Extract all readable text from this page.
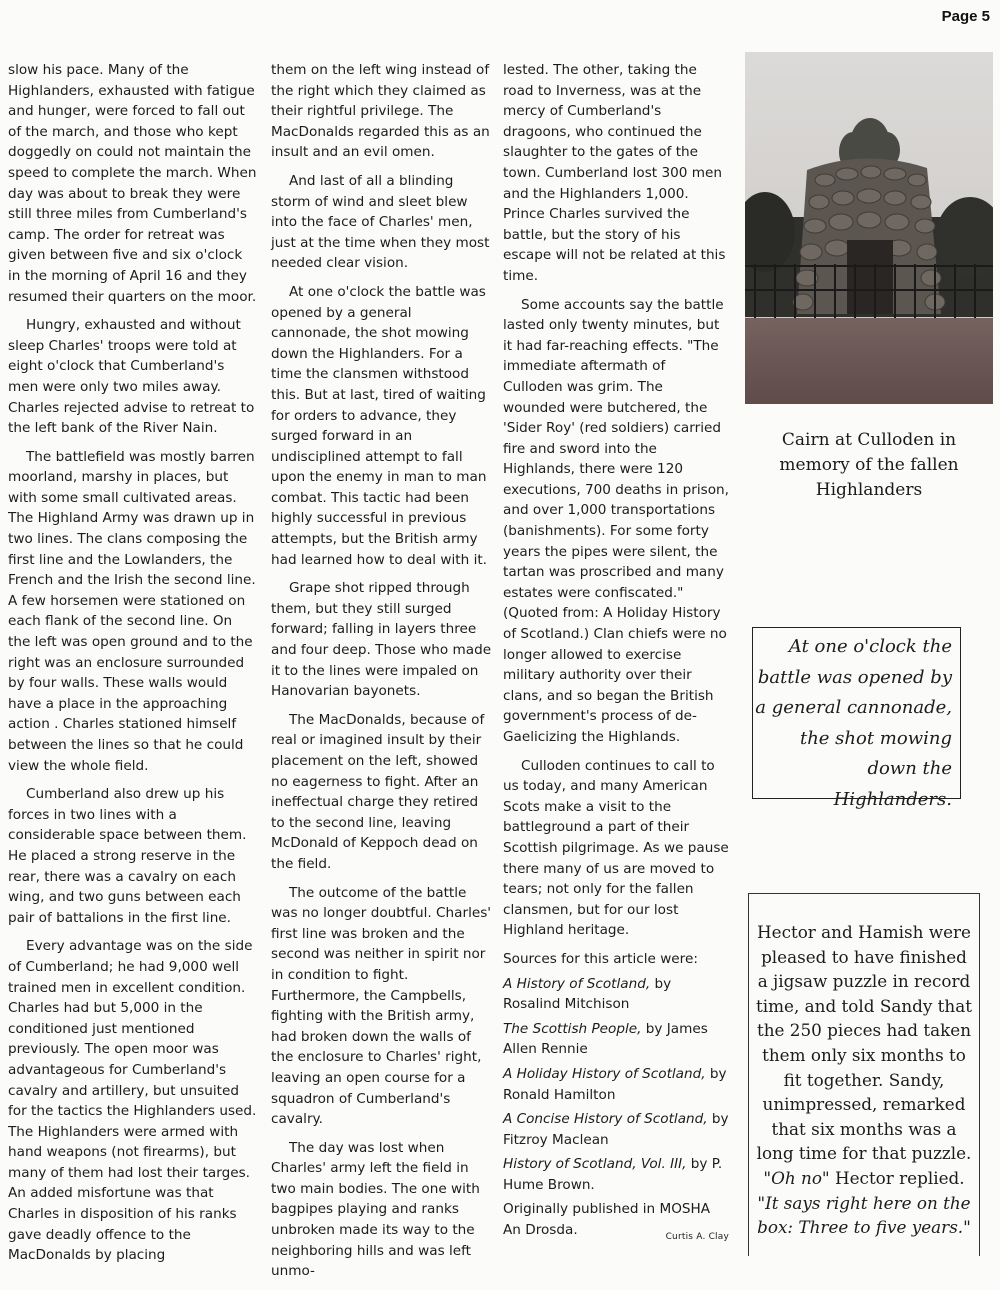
Page 5

slow his pace. Many of the Highlanders, exhausted with fatigue and hunger, were forced to fall out of the march, and those who kept doggedly on could not maintain the speed to complete the march. When day was about to break they were still three miles from Cumberland's camp. The order for retreat was given between five and six o'clock in the morning of April 16 and they resumed their quarters on the moor.

Hungry, exhausted and without sleep Charles' troops were told at eight o'clock that Cumberland's men were only two miles away. Charles rejected advise to retreat to the left bank of the River Nain.

The battlefield was mostly barren moorland, marshy in places, but with some small cultivated areas. The Highland Army was drawn up in two lines. The clans composing the first line and the Lowlanders, the French and the Irish the second line. A few horsemen were stationed on each flank of the second line. On the left was open ground and to the right was an enclosure surrounded by four walls. These walls would have a place in the approaching action . Charles stationed himself between the lines so that he could view the whole field.

Cumberland also drew up his forces in two lines with a considerable space between them. He placed a strong reserve in the rear, there was a cavalry on each wing, and two guns between each pair of battalions in the first line.

Every advantage was on the side of Cumberland; he had 9,000 well trained men in excellent condition. Charles had but 5,000 in the conditioned just mentioned previously. The open moor was advantageous for Cumberland's cavalry and artillery, but unsuited for the tactics the Highlanders used. The Highlanders were armed with hand weapons (not firearms), but many of them had lost their targes. An added misfortune was that Charles in disposition of his ranks gave deadly offence to the MacDonalds by placing

them on the left wing instead of the right which they claimed as their rightful privilege. The MacDonalds regarded this as an insult and an evil omen.

And last of all a blinding storm of wind and sleet blew into the face of Charles' men, just at the time when they most needed clear vision.

At one o'clock the battle was opened by a general cannonade, the shot mowing down the Highlanders. For a time the clansmen withstood this. But at last, tired of waiting for orders to advance, they surged forward in an undisciplined attempt to fall upon the enemy in man to man combat. This tactic had been highly successful in previous attempts, but the British army had learned how to deal with it.

Grape shot ripped through them, but they still surged forward; falling in layers three and four deep. Those who made it to the lines were impaled on Hanovarian bayonets.

The MacDonalds, because of real or imagined insult by their placement on the left, showed no eagerness to fight. After an ineffectual charge they retired to the second line, leaving McDonald of Keppoch dead on the field.

The outcome of the battle was no longer doubtful. Charles' first line was broken and the second was neither in spirit nor in condition to fight. Furthermore, the Campbells, fighting with the British army, had broken down the walls of the enclosure to Charles' right, leaving an open course for a squadron of Cumberland's cavalry.

The day was lost when Charles' army left the field in two main bodies. The one with bagpipes playing and ranks unbroken made its way to the neighboring hills and was left unmo-

lested. The other, taking the road to Inverness, was at the mercy of Cumberland's dragoons, who continued the slaughter to the gates of the town. Cumberland lost 300 men and the Highlanders 1,000. Prince Charles survived the battle, but the story of his escape will not be related at this time.

Some accounts say the battle lasted only twenty minutes, but it had far-reaching effects. "The immediate aftermath of Culloden was grim. The wounded were butchered, the 'Sider Roy' (red soldiers) carried fire and sword into the Highlands, there were 120 executions, 700 deaths in prison, and over 1,000 transportations (banishments). For some forty years the pipes were silent, the tartan was proscribed and many estates were confiscated." (Quoted from: A Holiday History of Scotland.) Clan chiefs were no longer allowed to exercise military authority over their clans, and so began the British government's process of de-Gaelicizing the Highlands.

Culloden continues to call to us today, and many American Scots make a visit to the battleground a part of their Scottish pilgrimage. As we pause there many of us are moved to tears; not only for the fallen clansmen, but for our lost Highland heritage.

Sources for this article were:

A History of Scotland, by Rosalind Mitchison

The Scottish People, by James Allen Rennie

A Holiday History of Scotland, by Ronald Hamilton

A Concise History of Scotland, by Fitzroy Maclean

History of Scotland, Vol. III, by P. Hume Brown.

Originally published in MOSHA An Drosda.	Curtis A. Clay
Cairn at Culloden in memory of the fallen Highlanders
At one o'clock the battle was opened by a general cannonade, the shot mowing down the Highlanders.
Hector and Hamish were pleased to have finished a jigsaw puzzle in record time, and told Sandy that the 250 pieces had taken them only six months to fit together. Sandy, unimpressed, remarked that six months was a long time for that puzzle. "Oh no" Hector replied. "It says right here on the box: Three to five years."
